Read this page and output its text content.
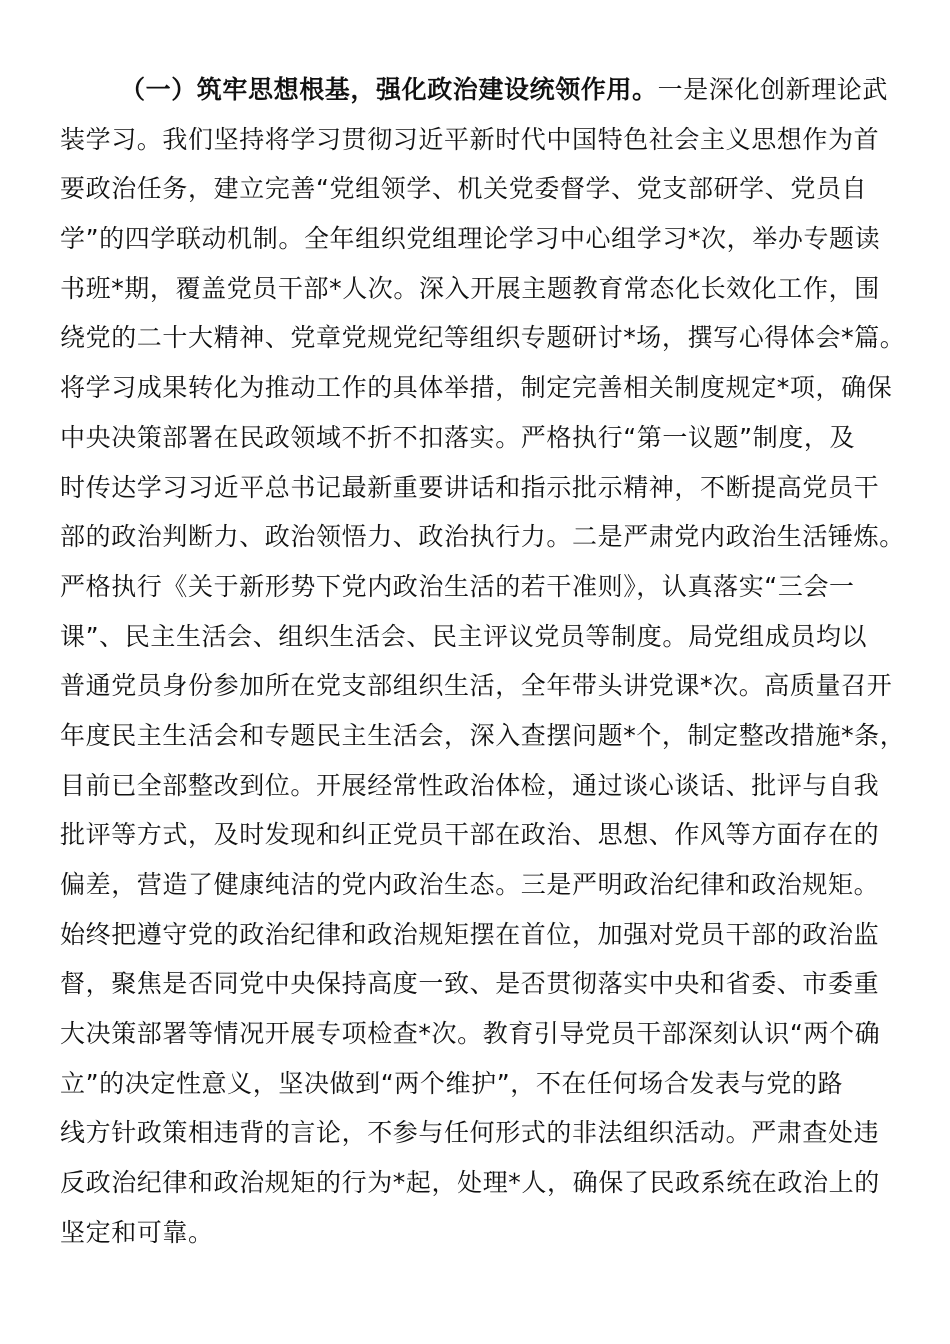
（一）筑牢思想根基，强化政治建设统领作用。一是深化创新理论武
装学习。我们坚持将学习贯彻习近平新时代中国特色社会主义思想作为首
要政治任务，建立完善“党组领学、机关党委督学、党支部研学、党员自
学”的四学联动机制。全年组织党组理论学习中心组学习*次，举办专题读
书班*期，覆盖党员干部*人次。深入开展主题教育常态化长效化工作，围
绕党的二十大精神、党章党规党纪等组织专题研讨*场，撰写心得体会*篇。
将学习成果转化为推动工作的具体举措，制定完善相关制度规定*项，确保
中央决策部署在民政领域不折不扣落实。严格执行“第一议题”制度，及
时传达学习习近平总书记最新重要讲话和指示批示精神，不断提高党员干
部的政治判断力、政治领悟力、政治执行力。二是严肃党内政治生活锤炼。
严格执行《关于新形势下党内政治生活的若干准则》，认真落实“三会一
课”、民主生活会、组织生活会、民主评议党员等制度。局党组成员均以
普通党员身份参加所在党支部组织生活，全年带头讲党课*次。高质量召开
年度民主生活会和专题民主生活会，深入查摆问题*个，制定整改措施*条，
目前已全部整改到位。开展经常性政治体检，通过谈心谈话、批评与自我
批评等方式，及时发现和纠正党员干部在政治、思想、作风等方面存在的
偏差，营造了健康纯洁的党内政治生态。三是严明政治纪律和政治规矩。
始终把遵守党的政治纪律和政治规矩摆在首位，加强对党员干部的政治监
督，聚焦是否同党中央保持高度一致、是否贯彻落实中央和省委、市委重
大决策部署等情况开展专项检查*次。教育引导党员干部深刻认识“两个确
立”的决定性意义，坚决做到“两个维护”，不在任何场合发表与党的路
线方针政策相违背的言论，不参与任何形式的非法组织活动。严肃查处违
反政治纪律和政治规矩的行为*起，处理*人，确保了民政系统在政治上的
坚定和可靠。
